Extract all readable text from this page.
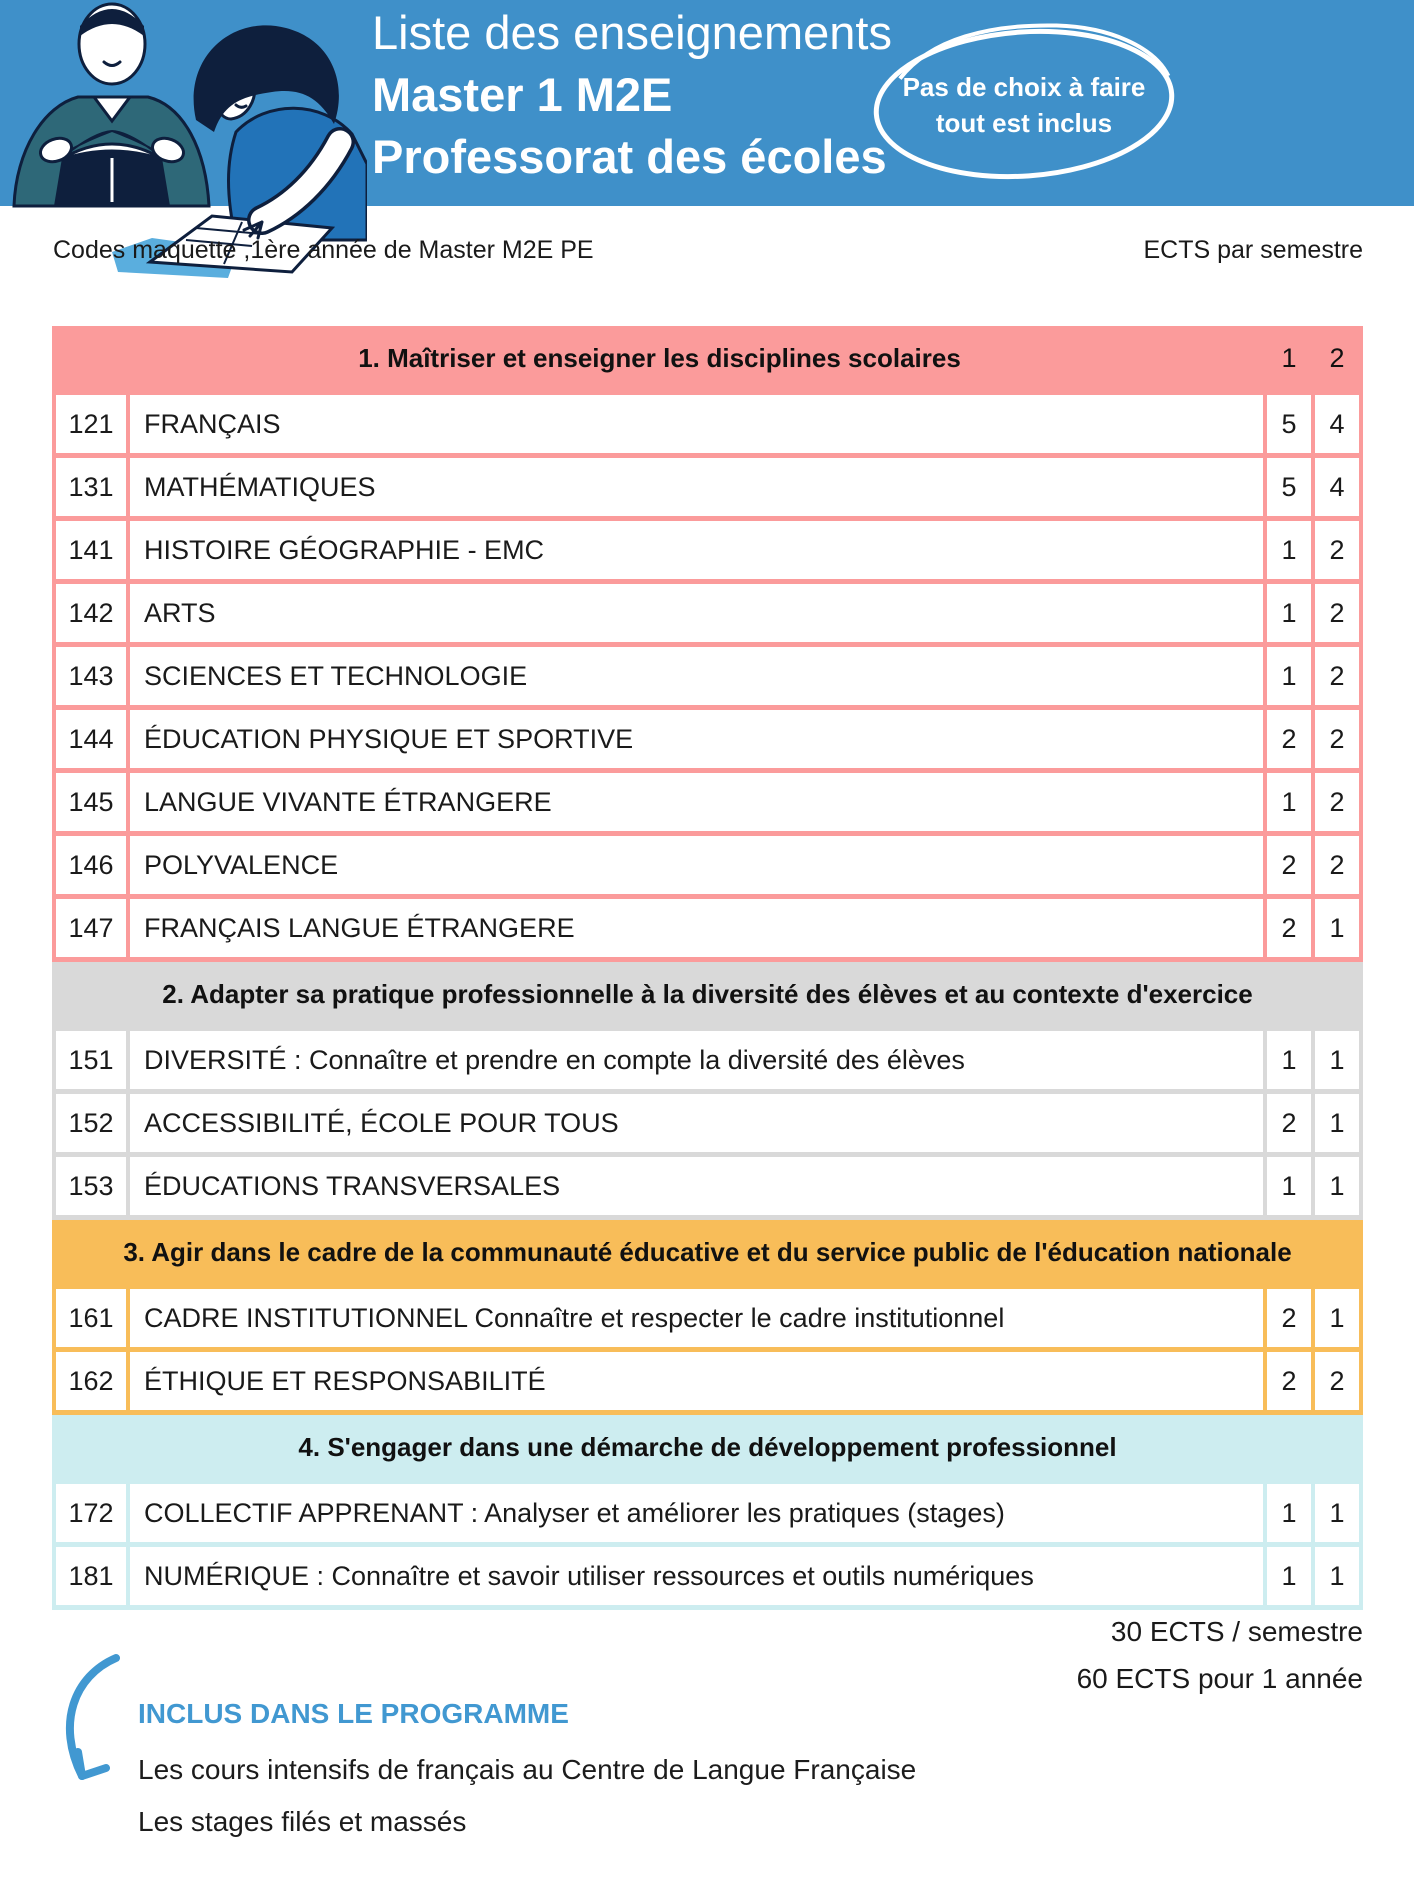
Liste des enseignements
Master 1 M2E
Professorat des écoles
Pas de choix à faire
tout est inclus
Codes maquette ,1ère année de Master M2E PE	ECTS par semestre
1. Maîtriser et enseigner les disciplines scolaires	1	2
121	FRANÇAIS	5	4
131	MATHÉMATIQUES	5	4
141	HISTOIRE GÉOGRAPHIE - EMC	1	2
142	ARTS	1	2
143	SCIENCES ET TECHNOLOGIE	1	2
144	ÉDUCATION PHYSIQUE ET SPORTIVE	2	2
145	LANGUE VIVANTE ÉTRANGERE	1	2
146	POLYVALENCE	2	2
147	FRANÇAIS LANGUE ÉTRANGERE	2	1
2. Adapter sa pratique professionnelle à la diversité des élèves et au contexte d'exercice
151	DIVERSITÉ : Connaître et prendre en compte la diversité des élèves	1	1
152	ACCESSIBILITÉ, ÉCOLE POUR TOUS	2	1
153	ÉDUCATIONS TRANSVERSALES	1	1
3. Agir dans le cadre de la communauté éducative et du service public de l'éducation nationale
161	CADRE INSTITUTIONNEL Connaître et respecter le cadre institutionnel	2	1
162	ÉTHIQUE ET RESPONSABILITÉ	2	2
4. S'engager dans une démarche de développement professionnel
172	COLLECTIF APPRENANT : Analyser et améliorer les pratiques (stages)	1	1
181	NUMÉRIQUE : Connaître et savoir utiliser ressources et outils numériques	1	1
30 ECTS / semestre
60 ECTS pour 1 année
INCLUS DANS LE PROGRAMME
Les cours intensifs de français au Centre de Langue Française
Les stages filés et massés
